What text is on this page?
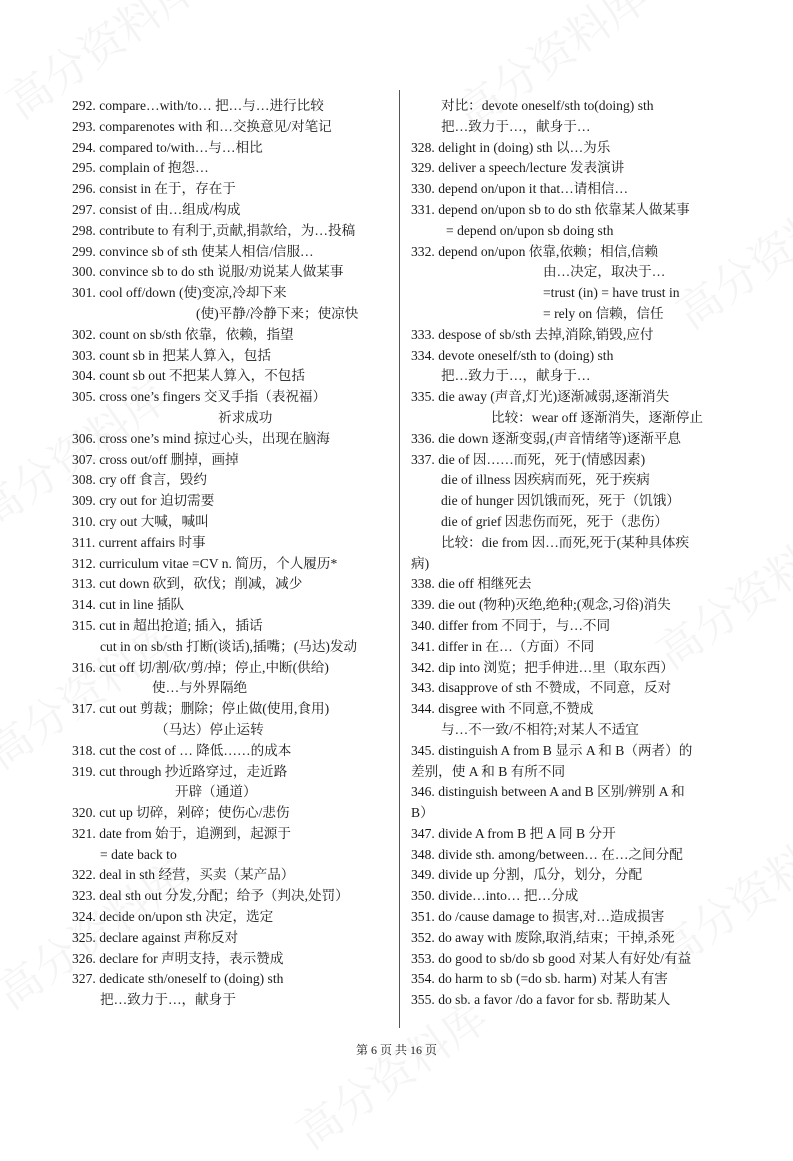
292. compare…with/to… 把…与…进行比较
293. comparenotes with 和…交换意见/对笔记
294. compared to/with…与…相比
295. complain of 抱怨…
296. consist in 在于，存在于
297. consist of 由…组成/构成
298. contribute to 有利于,贡献,捐款给，为…投稿
299. convince sb of sth 使某人相信/信服…
300. convince sb to do sth 说服/劝说某人做某事
301. cool off/down (使)变凉,冷却下来
(使)平静/冷静下来；使凉快
302. count on sb/sth 依靠，依赖，指望
303. count sb in 把某人算入，包括
304. count sb out 不把某人算入，不包括
305. cross one’s fingers 交叉手指（表祝福）
祈求成功
306. cross one’s mind 掠过心头，出现在脑海
307. cross out/off 删掉，画掉
308. cry off 食言，毁约
309. cry out for 迫切需要
310. cry out 大喊，喊叫
311. current affairs 时事
312. curriculum vitae =CV n. 简历，个人履历*
313. cut down 砍到，砍伐；削减，减少
314. cut in line 插队
315. cut in 超出抢道; 插入，插话
cut in on sb/sth 打断(谈话),插嘴；(马达)发动
316. cut off 切/割/砍/剪/掉；停止,中断(供给)
使…与外界隔绝
317. cut out 剪裁；删除；停止做(使用,食用)
（马达）停止运转
318. cut the cost of … 降低……的成本
319. cut through 抄近路穿过，走近路
开辟（通道）
320. cut up 切碎，剁碎；使伤心/悲伤
321. date from 始于，追溯到，起源于
= date back to
322. deal in sth 经营，买卖（某产品）
323. deal sth out 分发,分配；给予（判决,处罚）
324. decide on/upon sth 决定，选定
325. declare against 声称反对
326. declare for 声明支持，表示赞成
327. dedicate sth/oneself to (doing) sth
把…致力于…，献身于
对比：devote oneself/sth to(doing) sth
把…致力于…，献身于…
328. delight in (doing) sth 以…为乐
329. deliver a speech/lecture 发表演讲
330. depend on/upon it that…请相信…
331. depend on/upon sb to do sth 依靠某人做某事
= depend on/upon sb doing sth
332. depend on/upon 依靠,依赖；相信,信赖
由…决定，取决于…
=trust (in) = have trust in
= rely on 信赖，信任
333. despose of sb/sth 去掉,消除,销毁,应付
334. devote oneself/sth to (doing) sth
把…致力于…，献身于…
335. die away (声音,灯光)逐渐减弱,逐渐消失
比较：wear off 逐渐消失，逐渐停止
336. die down 逐渐变弱,(声音情绪等)逐渐平息
337. die of 因……而死，死于(情感因素)
die of illness 因疾病而死，死于疾病
die of hunger 因饥饿而死，死于（饥饿）
die of grief 因悲伤而死，死于（悲伤）
比较：die from 因…而死,死于(某种具体疾
病)
338. die off 相继死去
339. die out (物种)灭绝,绝种;(观念,习俗)消失
340. differ from 不同于，与…不同
341. differ in 在…（方面）不同
342. dip into 浏览；把手伸进…里（取东西）
343. disapprove of sth 不赞成，不同意，反对
344. disgree with 不同意,不赞成
与…不一致/不相符;对某人不适宜
345. distinguish A from B 显示 A 和 B（两者）的
差别，使 A 和 B 有所不同
346. distinguish between A and B 区别/辨别 A 和
B）
347. divide A from B 把 A 同 B 分开
348. divide sth. among/between… 在…之间分配
349. divide up 分割，瓜分，划分，分配
350. divide…into… 把…分成
351. do /cause damage to 损害,对…造成损害
352. do away with 废除,取消,结束；干掉,杀死
353. do good to sb/do sb good 对某人有好处/有益
354. do harm to sb (=do sb. harm) 对某人有害
355. do sb. a favor /do a favor for sb. 帮助某人
第 6 页 共 16 页
